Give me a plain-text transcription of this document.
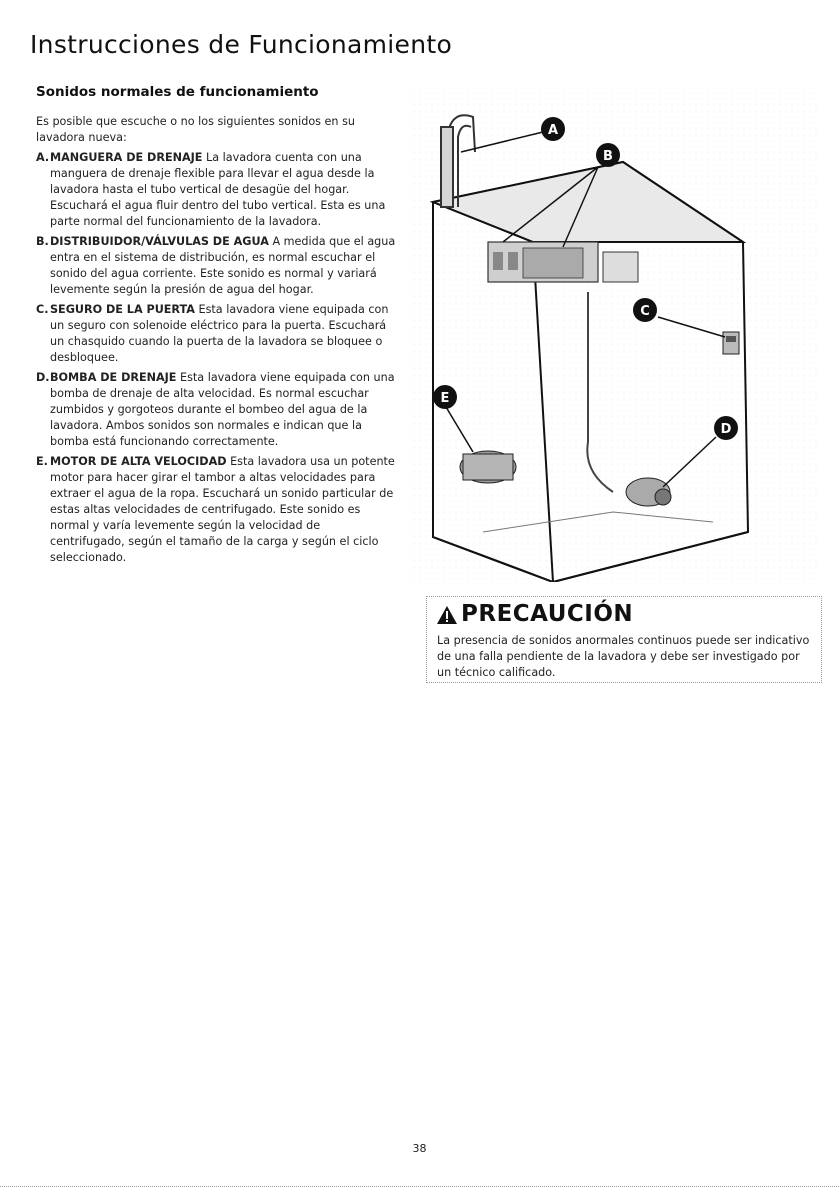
Instrucciones de Funcionamiento
Sonidos normales de funcionamiento

Es posible que escuche o no los siguientes sonidos en su lavadora nueva:

A. MANGUERA DE DRENAJE La lavadora cuenta con una manguera de drenaje flexible para llevar el agua desde la lavadora hasta el tubo vertical de desagüe del hogar. Escuchará el agua fluir dentro del tubo vertical. Esta es una parte normal del funcionamiento de la lavadora.
B. DISTRIBUIDOR/VÁLVULAS DE AGUA A medida que el agua entra en el sistema de distribución, es normal escuchar el sonido del agua corriente. Este sonido es normal y variará levemente según la presión de agua del hogar.
C. SEGURO DE LA PUERTA Esta lavadora viene equipada con un seguro con solenoide eléctrico para la puerta. Escuchará un chasquido cuando la puerta de la lavadora se bloquee o desbloquee.
D. BOMBA DE DRENAJE Esta lavadora viene equipada con una bomba de drenaje de alta velocidad. Es normal escuchar zumbidos y gorgoteos durante el bombeo del agua de la lavadora. Ambos sonidos son normales e indican que la bomba está funcionando correctamente.
E. MOTOR DE ALTA VELOCIDAD Esta lavadora usa un potente motor para hacer girar el tambor a altas velocidades para extraer el agua de la ropa. Escuchará un sonido particular de estas altas velocidades de centrifugado. Este sonido es normal y varía levemente según la velocidad de centrifugado, según el tamaño de la carga y según el ciclo seleccionado.
A
B
C
D
E
PRECAUCIÓN

La presencia de sonidos anormales continuos puede ser indicativo de una falla pendiente de la lavadora y debe ser investigado por un técnico calificado.

38
